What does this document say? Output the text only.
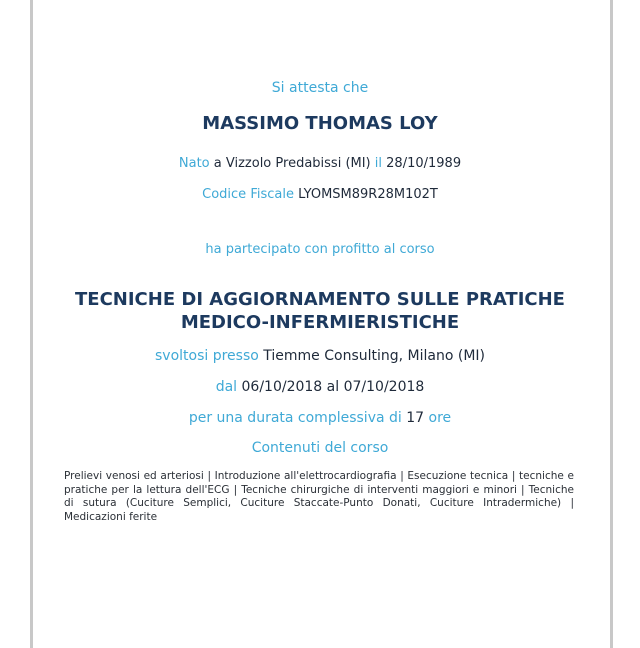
Si attesta che
MASSIMO THOMAS LOY
Nato a Vizzolo Predabissi (MI) il 28/10/1989
Codice Fiscale LYOMSM89R28M102T
ha partecipato con profitto al corso
TECNICHE DI AGGIORNAMENTO SULLE PRATICHE
MEDICO-INFERMIERISTICHE
svoltosi presso Tiemme Consulting, Milano (MI)
dal 06/10/2018 al 07/10/2018
per una durata complessiva di 17 ore
Contenuti del corso
Prelievi venosi ed arteriosi | Introduzione all'elettrocardiografia | Esecuzione tecnica | tecniche e pratiche per la lettura dell'ECG | Tecniche chirurgiche di interventi maggiori e minori | Tecniche di sutura (Cuciture Semplici, Cuciture Staccate-Punto Donati, Cuciture Intradermiche) | Medicazioni ferite
